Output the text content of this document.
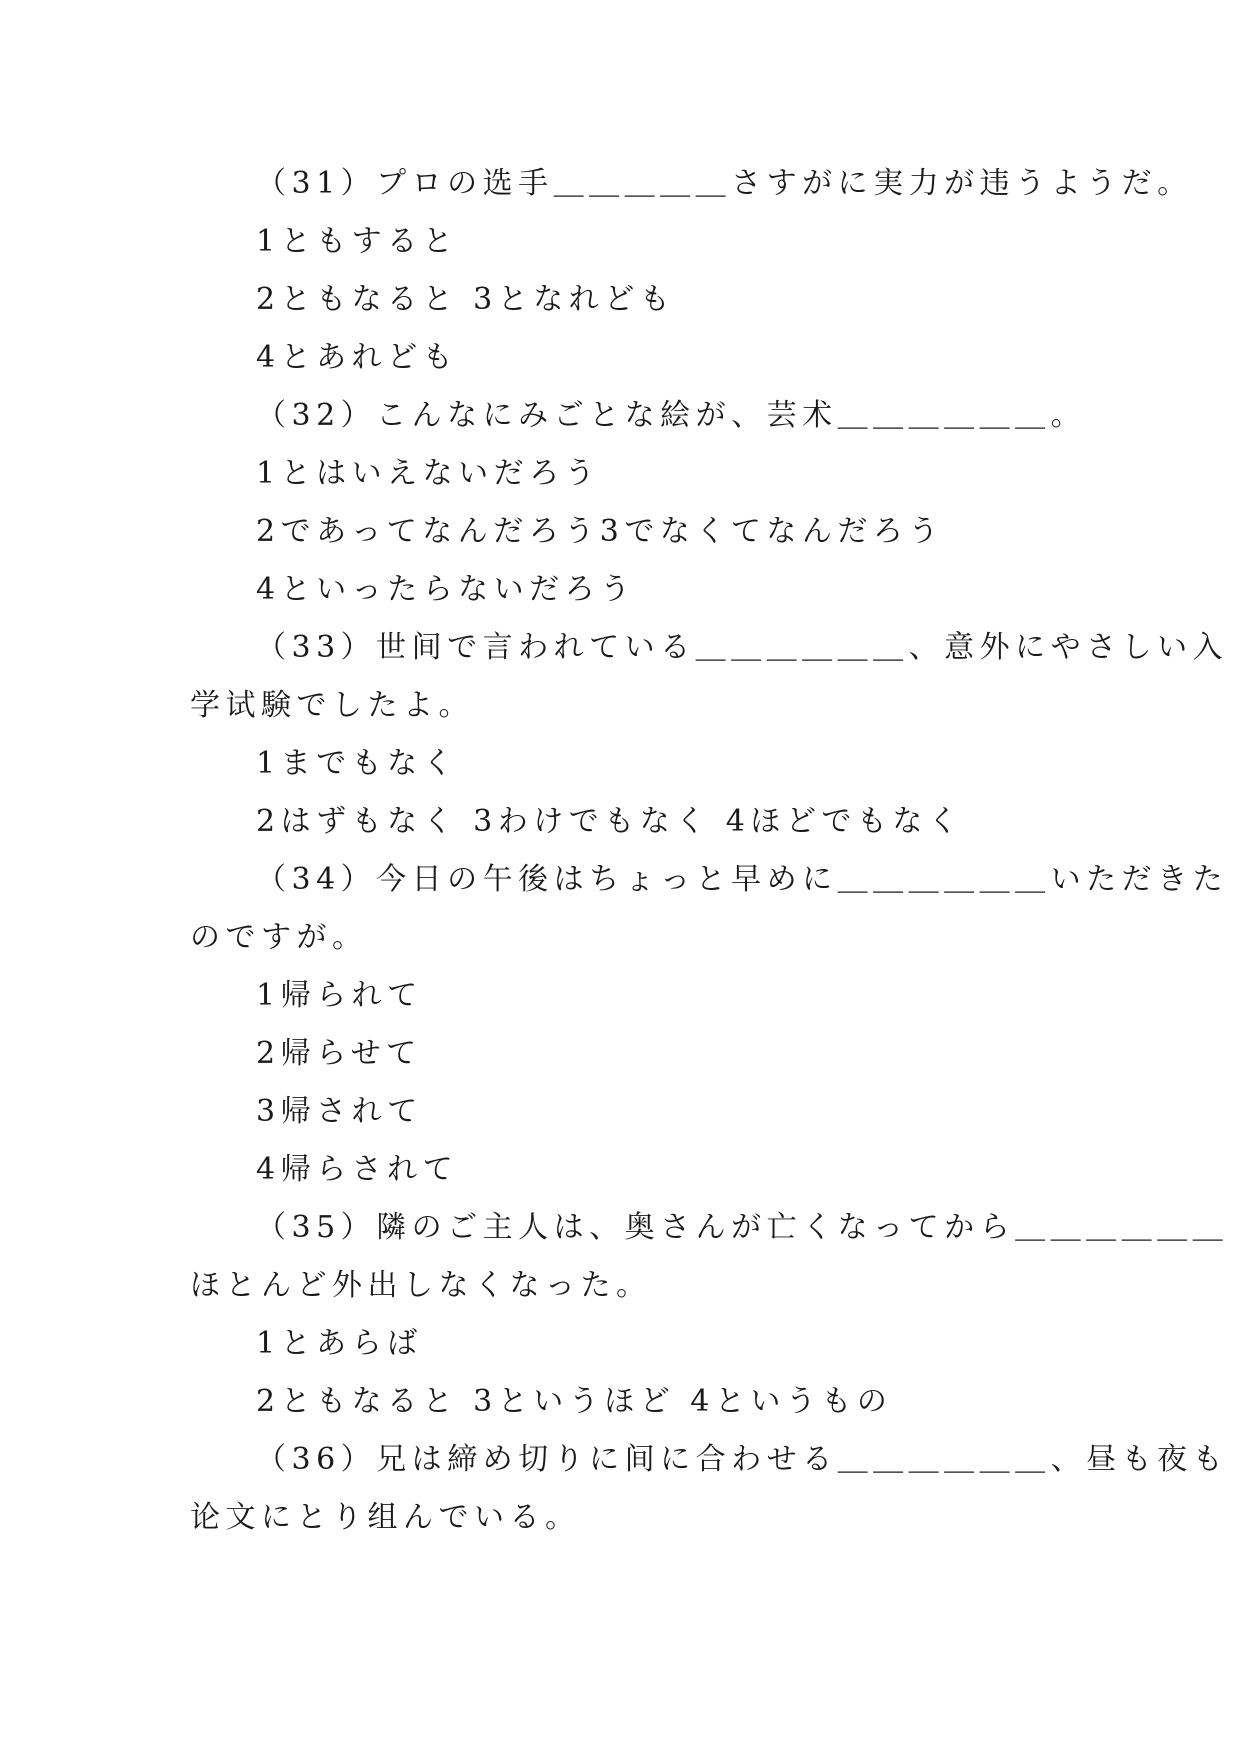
（31）プロの选手＿＿＿＿＿さすがに実力が违うようだ。
1ともすると
2ともなると 3となれども
4とあれども
（32）こんなにみごとな絵が、芸术＿＿＿＿＿＿。
1とはいえないだろう
2であってなんだろう3でなくてなんだろう
4といったらないだろう
（33）世间で言われている＿＿＿＿＿＿、意外にやさしい入
学试験でしたよ。
1までもなく
2はずもなく 3わけでもなく 4ほどでもなく
（34）今日の午後はちょっと早めに＿＿＿＿＿＿いただきた
のですが。
1帰られて
2帰らせて
3帰されて
4帰らされて
（35）隣のご主人は、奥さんが亡くなってから＿＿＿＿＿＿
ほとんど外出しなくなった。
1とあらば
2ともなると 3というほど 4というもの
（36）兄は締め切りに间に合わせる＿＿＿＿＿＿、昼も夜も
论文にとり组んでいる。
